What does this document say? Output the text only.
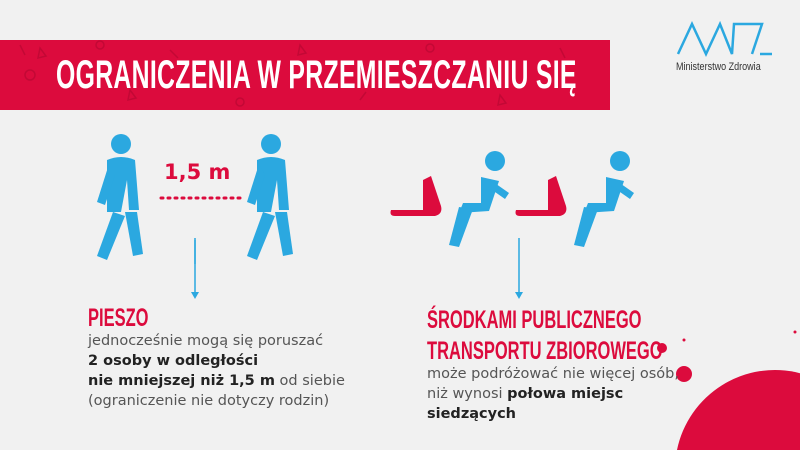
OGRANICZENIA W PRZEMIESZCZANIU SIĘ	Ministerstwo Zdrowia
1,5 m
PIESZO
jednocześnie mogą się poruszać
2 osoby w odległości
nie mniejszej niż 1,5 m od siebie
(ograniczenie nie dotyczy rodzin)
ŚRODKAMI PUBLICZNEGO
TRANSPORTU ZBIOROWEGO
może podróżować nie więcej osób,
niż wynosi połowa miejsc
siedzących
